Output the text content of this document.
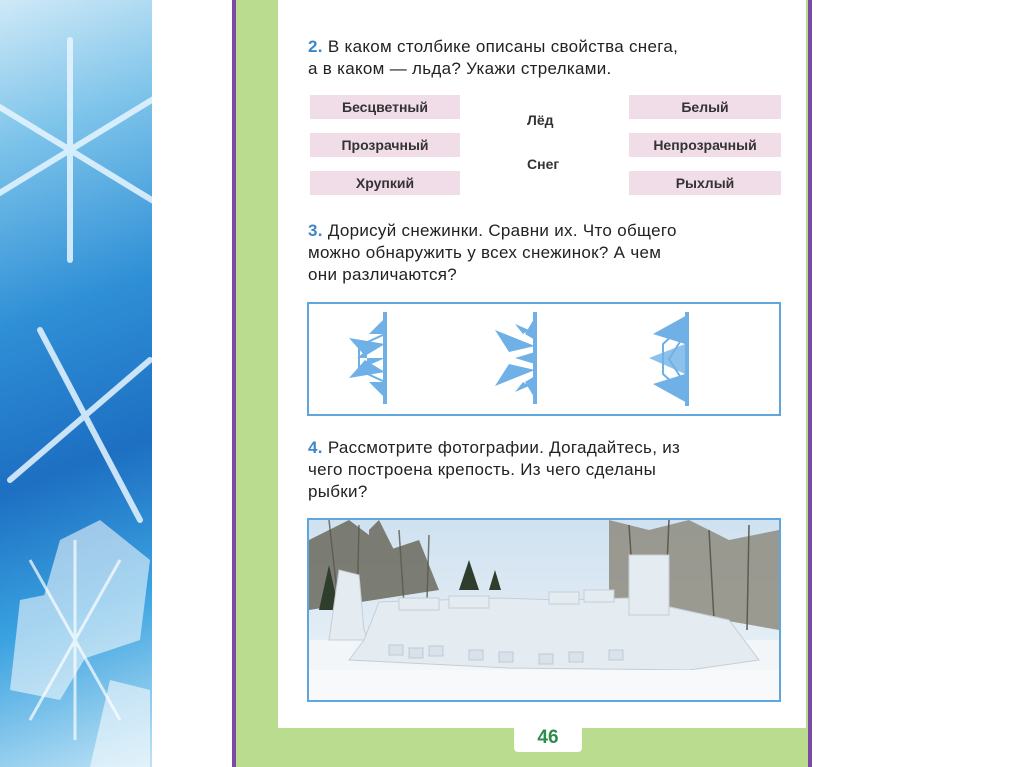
2. В каком столбике описаны свойства снега,
а в каком — льда? Укажи стрелками.
Бесцветный
Прозрачный
Хрупкий
Лёд
Снег
Белый
Непрозрачный
Рыхлый
3. Дорисуй снежинки. Сравни их. Что общего
можно обнаружить у всех снежинок? А чем
они различаются?
4. Рассмотрите фотографии. Догадайтесь, из
чего построена крепость. Из чего сделаны
рыбки?
46
